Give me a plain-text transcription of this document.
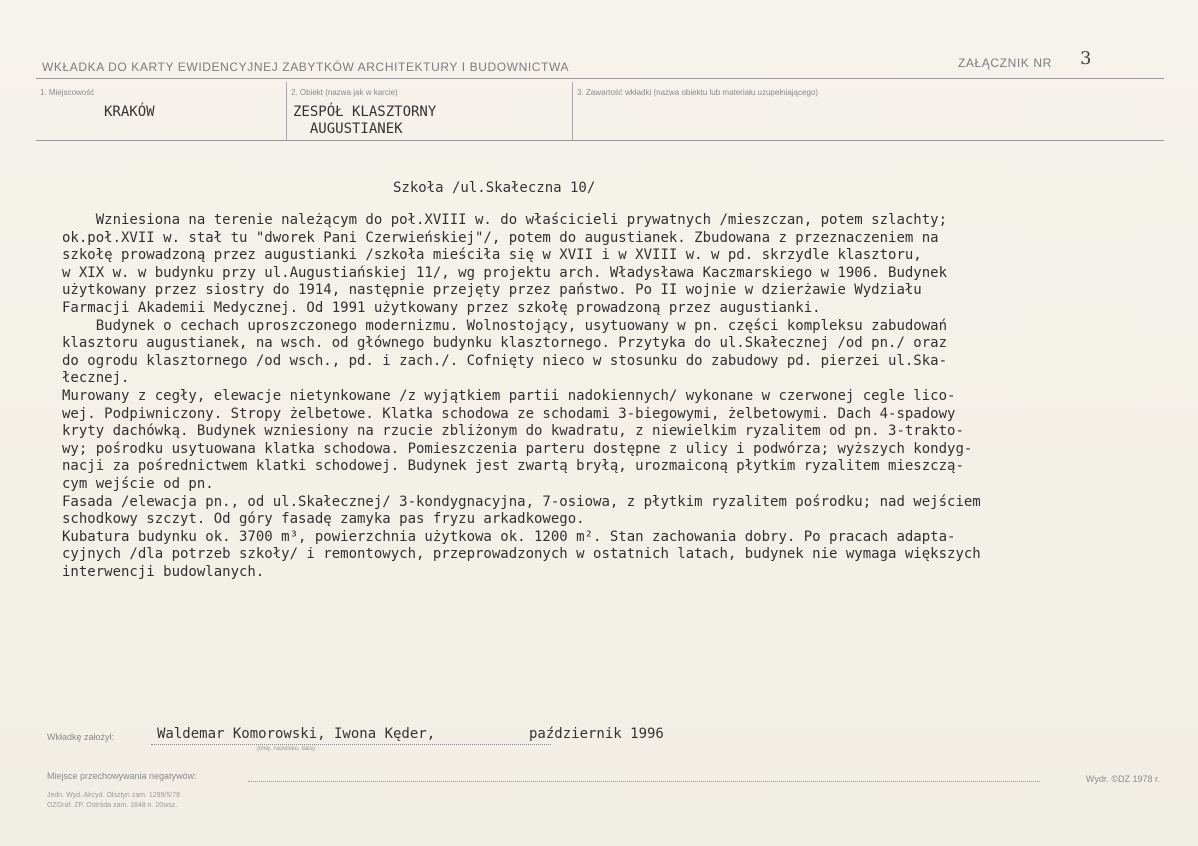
WKŁADKA DO KARTY EWIDENCYJNEJ ZABYTKÓW ARCHITEKTURY I BUDOWNICTWA	ZAŁĄCZNIK NR 3
1. Miejscowość
KRAKÓW
2. Obiekt (nazwa jak w karcie)
ZESPÓŁ KLASZTORNY
AUGUSTIANEK
3. Zawartość wkładki (nazwa obiektu lub materiału uzupełniającego)
Szkoła /ul.Skałeczna 10/
Wzniesiona na terenie należącym do poł.XVIII w. do właścicieli prywatnych /mieszczan, potem szlachty;
ok.poł.XVII w. stał tu "dworek Pani Czerwieńskiej"/, potem do augustianek. Zbudowana z przeznaczeniem na
szkołę prowadzoną przez augustianki /szkoła mieściła się w XVII i w XVIII w. w pd. skrzydle klasztoru,
w XIX w. w budynku przy ul.Augustiańskiej 11/, wg projektu arch. Władysława Kaczmarskiego w 1906. Budynek
użytkowany przez siostry do 1914, następnie przejęty przez państwo. Po II wojnie w dzierżawie Wydziału
Farmacji Akademii Medycznej. Od 1991 użytkowany przez szkołę prowadzoną przez augustianki.
Budynek o cechach uproszczonego modernizmu. Wolnostojący, usytuowany w pn. części kompleksu zabudowań
klasztoru augustianek, na wsch. od głównego budynku klasztornego. Przytyka do ul.Skałecznej /od pn./ oraz
do ogrodu klasztornego /od wsch., pd. i zach./. Cofnięty nieco w stosunku do zabudowy pd. pierzei ul.Ska-
łecznej.
Murowany z cegły, elewacje nietynkowane /z wyjątkiem partii nadokiennych/ wykonane w czerwonej cegle lico-
wej. Podpiwniczony. Stropy żelbetowe. Klatka schodowa ze schodami 3-biegowymi, żelbetowymi. Dach 4-spadowy
kryty dachówką. Budynek wzniesiony na rzucie zbliżonym do kwadratu, z niewielkim ryzalitem od pn. 3-trakto-
wy; pośrodku usytuowana klatka schodowa. Pomieszczenia parteru dostępne z ulicy i podwórza; wyższych kondyg-
nacji za pośrednictwem klatki schodowej. Budynek jest zwartą bryłą, urozmaiconą płytkim ryzalitem mieszczą-
cym wejście od pn.
Fasada /elewacja pn., od ul.Skałecznej/ 3-kondygnacyjna, 7-osiowa, z płytkim ryzalitem pośrodku; nad wejściem
schodkowy szczyt. Od góry fasadę zamyka pas fryzu arkadkowego.
Kubatura budynku ok. 3700 m³, powierzchnia użytkowa ok. 1200 m². Stan zachowania dobry. Po pracach adapta-
cyjnych /dla potrzeb szkoły/ i remontowych, przeprowadzonych w ostatnich latach, budynek nie wymaga większych
interwencji budowlanych.
Wkładkę założył:	Waldemar Komorowski, Iwona Kęder,	październik 1996
(imię, nazwisko, data)
Miejsce przechowywania negatywów:	Wydr. ©DZ 1978 r.
Jedn. Wyd. Akcyd. Olsztyn zam. 1299/5/78
OZGraf. ZP. Ostróda zam. 1848 n. 20wsz.
